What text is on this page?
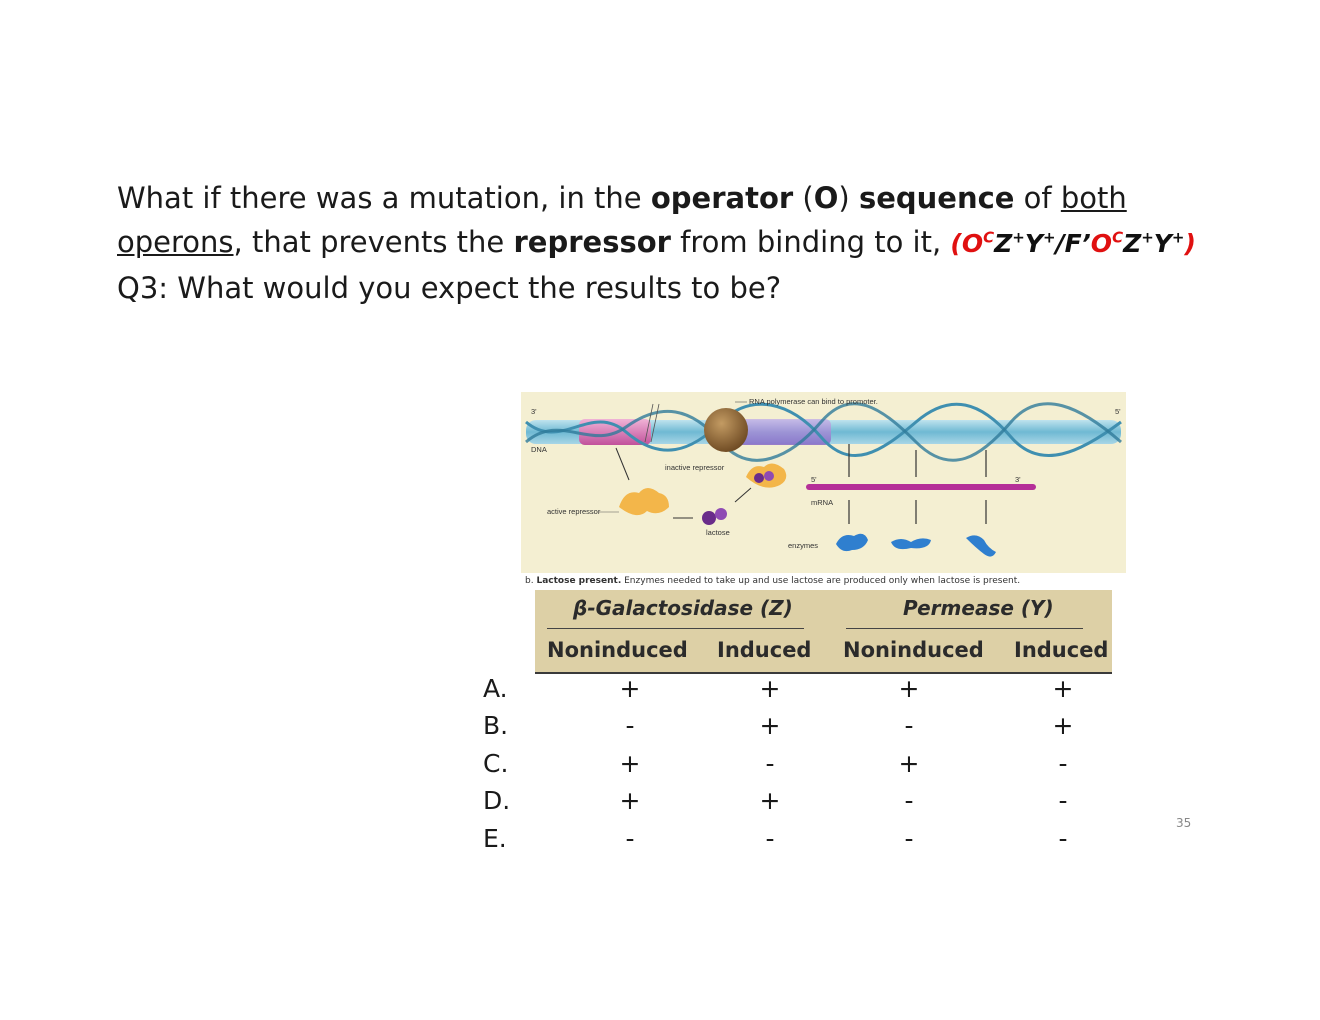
What if there was a mutation, in the operator (O) sequence of both
operons, that prevents the repressor from binding to it, $(O^CZ^+Y^+/F’O^CZ^+Y^+)$
Q3: What would you expect the results to be?
RNA polymerase can bind to promoter.
3'	5'
DNA
active repressor
lactose
inactive repressor
5'	3'
mRNA
enzymes
b. Lactose present. Enzymes needed to take up and use lactose are produced only when lactose is present.
β-Galactosidase (Z)	Permease (Y)
Noninduced Induced Noninduced Induced
A.	+	+	+	+
B.	-	+	-	+
C.	+	-	+	-
D.	+	+	-	-
E.	-	-	-	-
35
